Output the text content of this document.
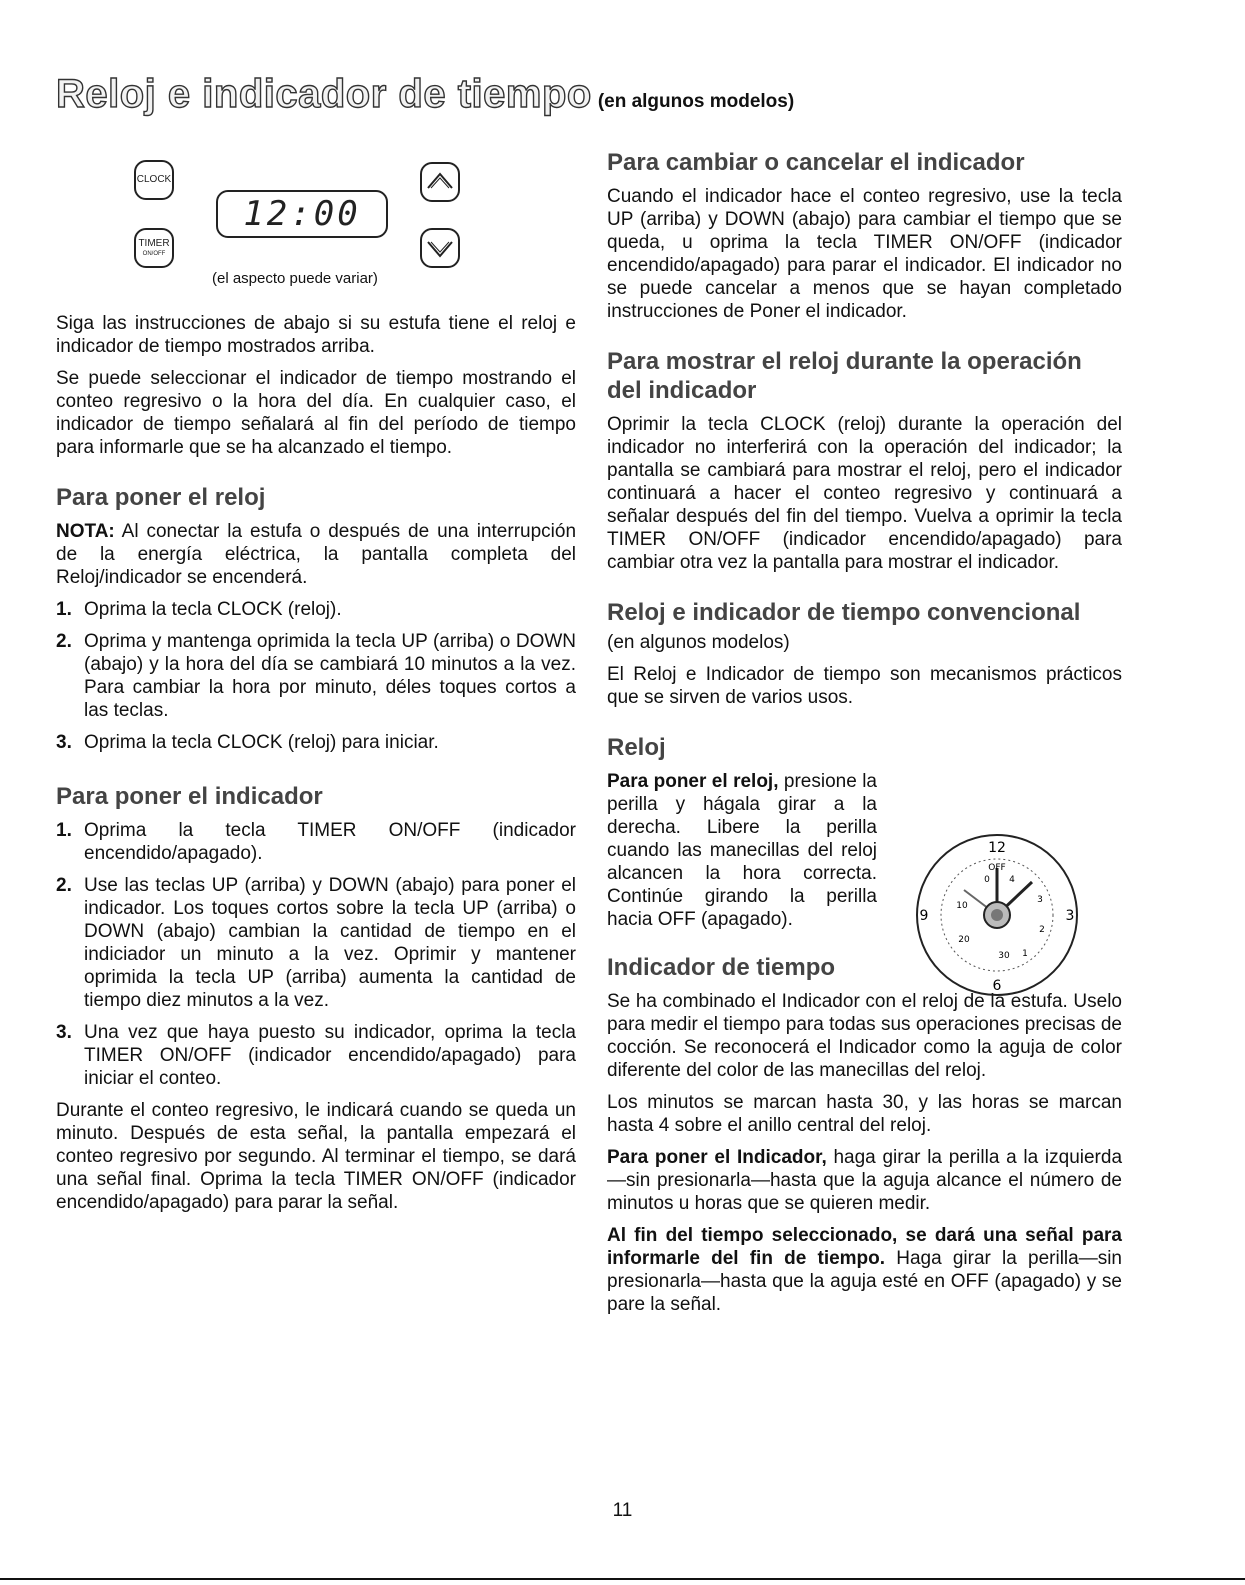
Reloj e indicador de tiempo (en algunos modelos)
CLOCK
TIMER
ON/OFF
12:00
(el aspecto puede variar)

Siga las instrucciones de abajo si su estufa tiene el reloj e indicador de tiempo mostrados arriba.

Se puede seleccionar el indicador de tiempo mostrando el conteo regresivo o la hora del día. En cualquier caso, el indicador de tiempo señalará al fin del período de tiempo para informarle que se ha alcanzado el tiempo.

Para poner el reloj

NOTA: Al conectar la estufa o después de una interrupción de la energía eléctrica, la pantalla completa del Reloj/indicador se encenderá.

1. Oprima la tecla CLOCK (reloj).
2. Oprima y mantenga oprimida la tecla UP (arriba) o DOWN (abajo) y la hora del día se cambiará 10 minutos a la vez. Para cambiar la hora por minuto, déles toques cortos a las teclas.
3. Oprima la tecla CLOCK (reloj) para iniciar.
Para poner el indicador
1. Oprima la tecla TIMER ON/OFF (indicador encendido/apagado).
2. Use las teclas UP (arriba) y DOWN (abajo) para poner el indicador. Los toques cortos sobre la tecla UP (arriba) o DOWN (abajo) cambian la cantidad de tiempo en el indiciador un minuto a la vez. Oprimir y mantener oprimida la tecla UP (arriba) aumenta la cantidad de tiempo diez minutos a la vez.
3. Una vez que haya puesto su indicador, oprima la tecla TIMER ON/OFF (indicador encendido/apagado) para iniciar el conteo.

Durante el conteo regresivo, le indicará cuando se queda un minuto. Después de esta señal, la pantalla empezará el conteo regresivo por segundo. Al terminar el tiempo, se dará una señal final. Oprima la tecla TIMER ON/OFF (indicador encendido/apagado) para parar la señal.

Para cambiar o cancelar el indicador

Cuando el indicador hace el conteo regresivo, use la tecla UP (arriba) y DOWN (abajo) para cambiar el tiempo que se queda, u oprima la tecla TIMER ON/OFF (indicador encendido/apagado) para parar el indicador. El indicador no se puede cancelar a menos que se hayan completado instrucciones de Poner el indicador.

Para mostrar el reloj durante la operación del indicador

Oprimir la tecla CLOCK (reloj) durante la operación del indicador no interferirá con la operación del indicador; la pantalla se cambiará para mostrar el reloj, pero el indicador continuará a hacer el conteo regresivo y continuará a señalar después del fin del tiempo. Vuelva a oprimir la tecla TIMER ON/OFF (indicador encendido/apagado) para cambiar otra vez la pantalla para mostrar el indicador.

Reloj e indicador de tiempo convencional

(en algunos modelos)

El Reloj e Indicador de tiempo son mecanismos prácticos que se sirven de varios usos.

Reloj

Para poner el reloj, presione la perilla y hágala girar a la derecha. Libere la perilla cuando las manecillas del reloj alcancen la hora correcta. Continúe girando la perilla hacia OFF (apagado).

Indicador de tiempo

Se ha combinado el Indicador con el reloj de la estufa. Uselo para medir el tiempo para todas sus operaciones precisas de cocción. Se reconocerá el Indicador como la aguja de color diferente del color de las manecillas del reloj.

Los minutos se marcan hasta 30, y las horas se marcan hasta 4 sobre el anillo central del reloj.

Para poner el Indicador, haga girar la perilla a la izquierda—sin presionarla—hasta que la aguja alcance el número de minutos u horas que se quieren medir.

Al fin del tiempo seleccionado, se dará una señal para informarle del fin de tiempo. Haga girar la perilla—sin presionarla—hasta que la aguja esté en OFF (apagado) y se pare la señal.

12
3
6
9
OFF
0 4
3
2
1
10
20
30
11
